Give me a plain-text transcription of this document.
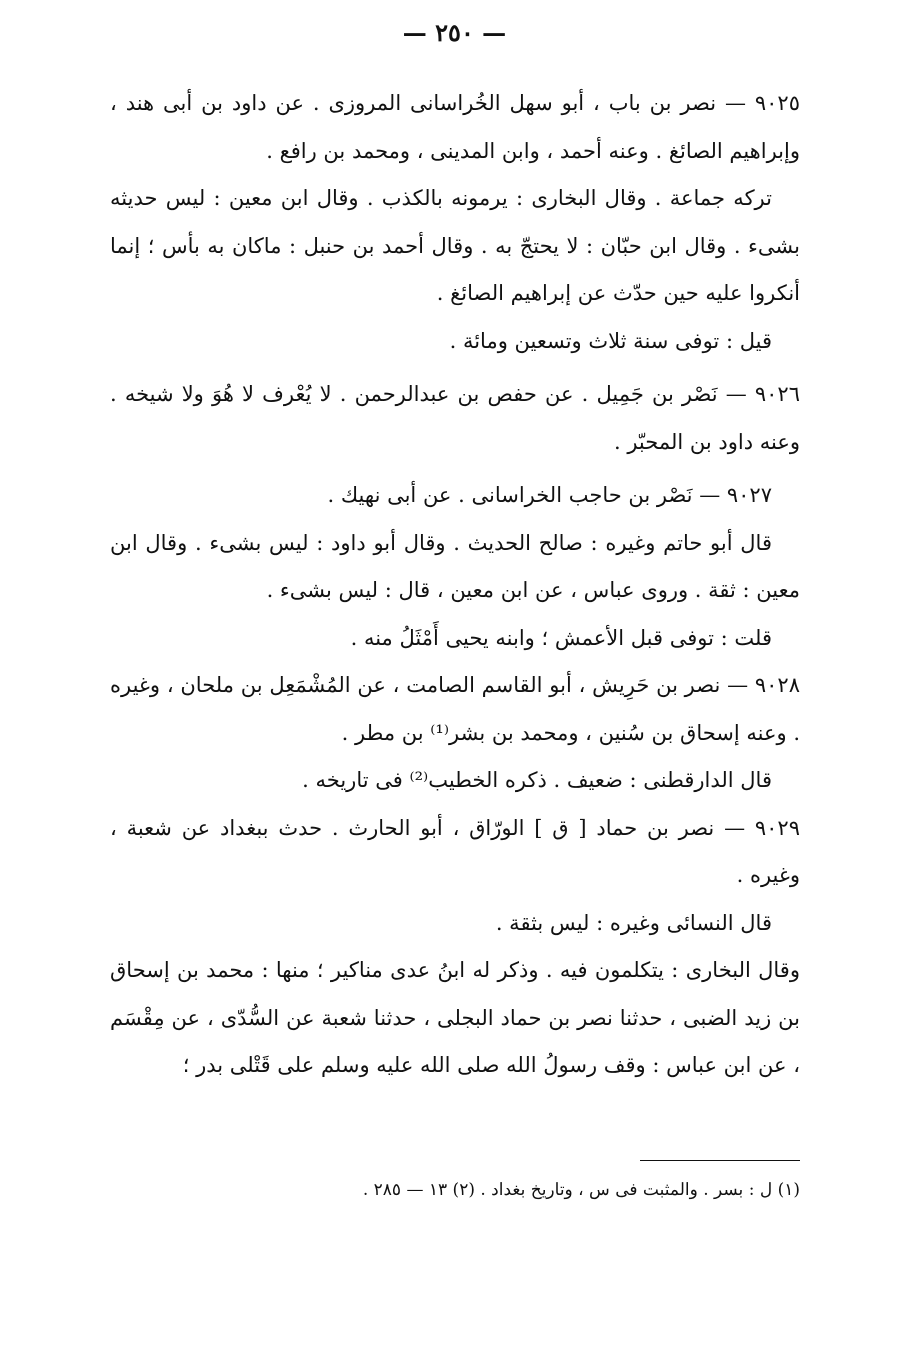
— ٢٥٠ —

٩٠٢٥ — نصر بن باب ، أبو سهل الخُراسانى المروزى . عن داود بن أبى هند ، وإبراهيم الصائغ . وعنه أحمد ، وابن المدينى ، ومحمد بن رافع .

تركه جماعة . وقال البخارى : يرمونه بالكذب . وقال ابن معين : ليس حديثه بشىء . وقال ابن حبّان : لا يحتجّ به . وقال أحمد بن حنبل : ماكان به بأس ؛ إنما أنكروا عليه حين حدّث عن إبراهيم الصائغ .

قيل : توفى سنة ثلاث وتسعين ومائة .

٩٠٢٦ — نَصْر بن جَمِيل . عن حفص بن عبدالرحمن . لا يُعْرف لا هُوَ ولا شيخه . وعنه داود بن المحبّر .

٩٠٢٧ — نَصْر بن حاجب الخراسانى . عن أبى نهيك .

قال أبو حاتم وغيره : صالح الحديث . وقال أبو داود : ليس بشىء . وقال ابن معين : ثقة . وروى عباس ، عن ابن معين ، قال : ليس بشىء .

قلت : توفى قبل الأعمش ؛ وابنه يحيى أَمْثَلُ منه .

٩٠٢٨ — نصر بن حَرِيش ، أبو القاسم الصامت ، عن المُشْمَعِل بن ملحان ، وغيره . وعنه إسحاق بن سُنين ، ومحمد بن بشر⁽¹⁾ بن مطر .

قال الدارقطنى : ضعيف . ذكره الخطيب⁽²⁾ فى تاريخه .

٩٠٢٩ — نصر بن حماد [ ق ] الورّاق ، أبو الحارث . حدث ببغداد عن شعبة ، وغيره .

قال النسائى وغيره : ليس بثقة .

وقال البخارى : يتكلمون فيه . وذكر له ابنُ عدى مناكير ؛ منها : محمد بن إسحاق بن زيد الضبى ، حدثنا نصر بن حماد البجلى ، حدثنا شعبة عن السُّدّى ، عن مِقْسَم ، عن ابن عباس : وقف رسولُ الله صلى الله عليه وسلم على قَتْلى بدر ؛

(١) ل : بسر . والمثبت فى س ، وتاريخ بغداد . (٢) ١٣ — ٢٨٥ .
